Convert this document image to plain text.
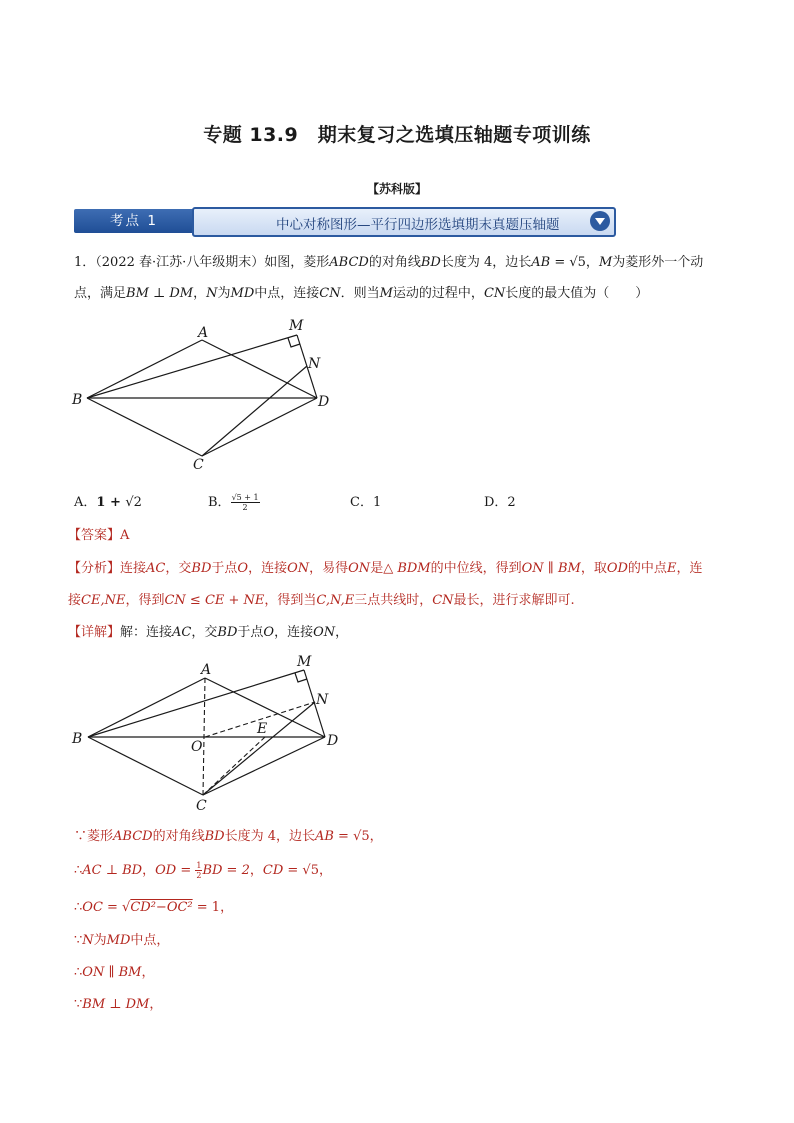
专题 13.9　期末复习之选填压轴题专项训练
【苏科版】
考点 1	中心对称图形—平行四边形选填期末真题压轴题
1．（2022 春·江苏·八年级期末）如图，菱形ABCD的对角线BD长度为 4，边长AB = √5，M为菱形外一个动
点，满足BM ⊥ DM，N为MD中点，连接CN．则当M运动的过程中，CN长度的最大值为（　　）
A	M
N
B	D
C
A．1 + √2	B． $\frac{√5 + 1}{2}$	C．1	D．2
【答案】A
【分析】连接AC，交BD于点O，连接ON，易得ON是△ BDM的中位线，得到ON ∥ BM，取OD的中点E，连
接CE,NE，得到CN ≤ CE + NE，得到当C,N,E三点共线时，CN最长，进行求解即可.
【详解】解：连接AC，交BD于点O，连接ON，
A	M
N
B	O
E
D
C
∵菱形ABCD的对角线BD长度为 4，边长AB = √5，
∴AC ⊥ BD，OD = $\frac{1}{2}$ BD = 2，CD = √5，
∴OC = √CD²−OC² = 1，
∵N为MD中点，
∴ON ∥ BM，
∵BM ⊥ DM，
